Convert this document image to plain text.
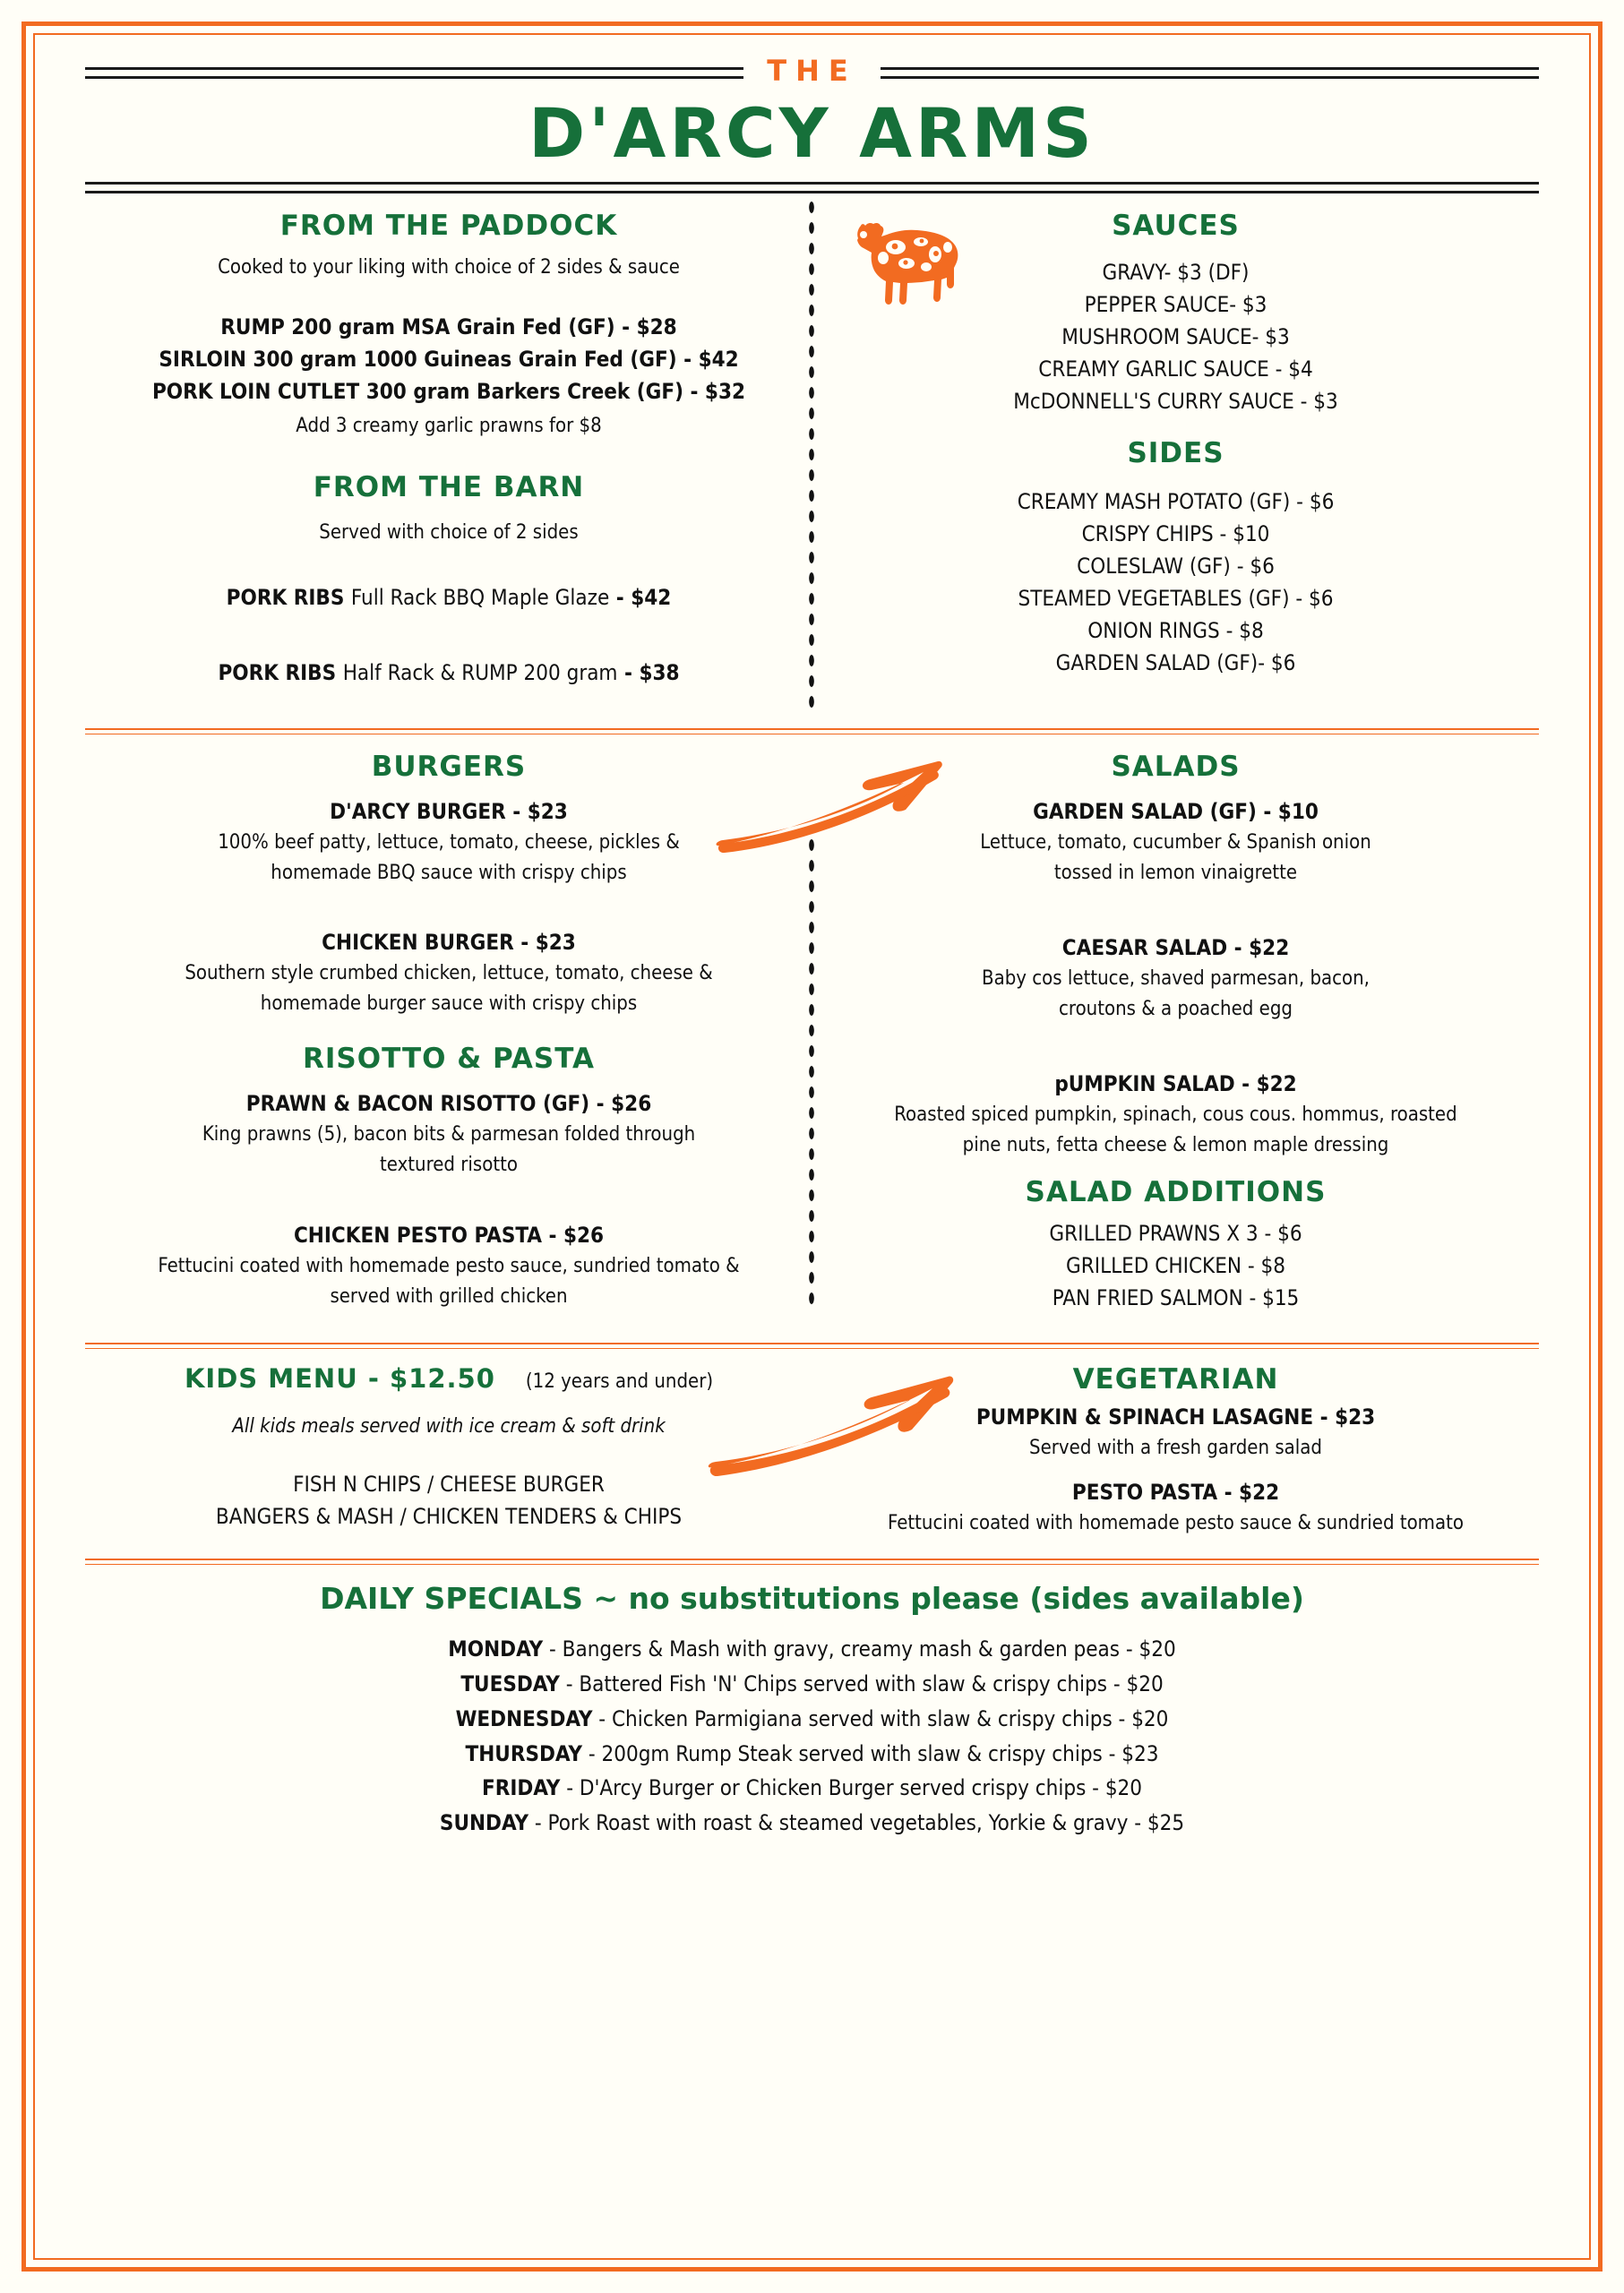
THE
D'ARCY ARMS
FROM THE PADDOCK
Cooked to your liking with choice of 2 sides & sauce
RUMP 200 gram MSA Grain Fed (GF) - $28
SIRLOIN 300 gram 1000 Guineas Grain Fed (GF) - $42
PORK LOIN CUTLET 300 gram Barkers Creek (GF) - $32
Add 3 creamy garlic prawns for $8
FROM THE BARN
Served with choice of 2 sides
PORK RIBS Full Rack BBQ Maple Glaze - $42
PORK RIBS Half Rack & RUMP 200 gram - $38
SAUCES
GRAVY- $3 (DF)
PEPPER SAUCE- $3
MUSHROOM SAUCE- $3
CREAMY GARLIC SAUCE - $4
McDONNELL'S CURRY SAUCE - $3
SIDES
CREAMY MASH POTATO (GF) - $6
CRISPY CHIPS - $10
COLESLAW (GF) - $6
STEAMED VEGETABLES (GF) - $6
ONION RINGS - $8
GARDEN SALAD (GF)- $6
BURGERS
D'ARCY BURGER - $23
100% beef patty, lettuce, tomato, cheese, pickles &
homemade BBQ sauce with crispy chips
CHICKEN BURGER - $23
Southern style crumbed chicken, lettuce, tomato, cheese &
homemade burger sauce with crispy chips
RISOTTO & PASTA
PRAWN & BACON RISOTTO (GF) - $26
King prawns (5), bacon bits & parmesan folded through
textured risotto
CHICKEN PESTO PASTA - $26
Fettucini coated with homemade pesto sauce, sundried tomato &
served with grilled chicken
SALADS
GARDEN SALAD (GF) - $10
Lettuce, tomato, cucumber & Spanish onion
tossed in lemon vinaigrette
CAESAR SALAD - $22
Baby cos lettuce, shaved parmesan, bacon,
croutons & a poached egg
pUMPKIN SALAD - $22
Roasted spiced pumpkin, spinach, cous cous. hommus, roasted
pine nuts, fetta cheese & lemon maple dressing
SALAD ADDITIONS
GRILLED PRAWNS X 3 - $6
GRILLED CHICKEN - $8
PAN FRIED SALMON - $15
KIDS MENU - $12.50 (12 years and under)
All kids meals served with ice cream & soft drink
FISH N CHIPS / CHEESE BURGER
BANGERS & MASH / CHICKEN TENDERS & CHIPS
VEGETARIAN
PUMPKIN & SPINACH LASAGNE - $23
Served with a fresh garden salad
PESTO PASTA - $22
Fettucini coated with homemade pesto sauce & sundried tomato
DAILY SPECIALS ~ no substitutions please (sides available)
MONDAY - Bangers & Mash with gravy, creamy mash & garden peas - $20
TUESDAY - Battered Fish 'N' Chips served with slaw & crispy chips - $20
WEDNESDAY - Chicken Parmigiana served with slaw & crispy chips - $20
THURSDAY - 200gm Rump Steak served with slaw & crispy chips - $23
FRIDAY - D'Arcy Burger or Chicken Burger served crispy chips - $20
SUNDAY - Pork Roast with roast & steamed vegetables, Yorkie & gravy - $25
